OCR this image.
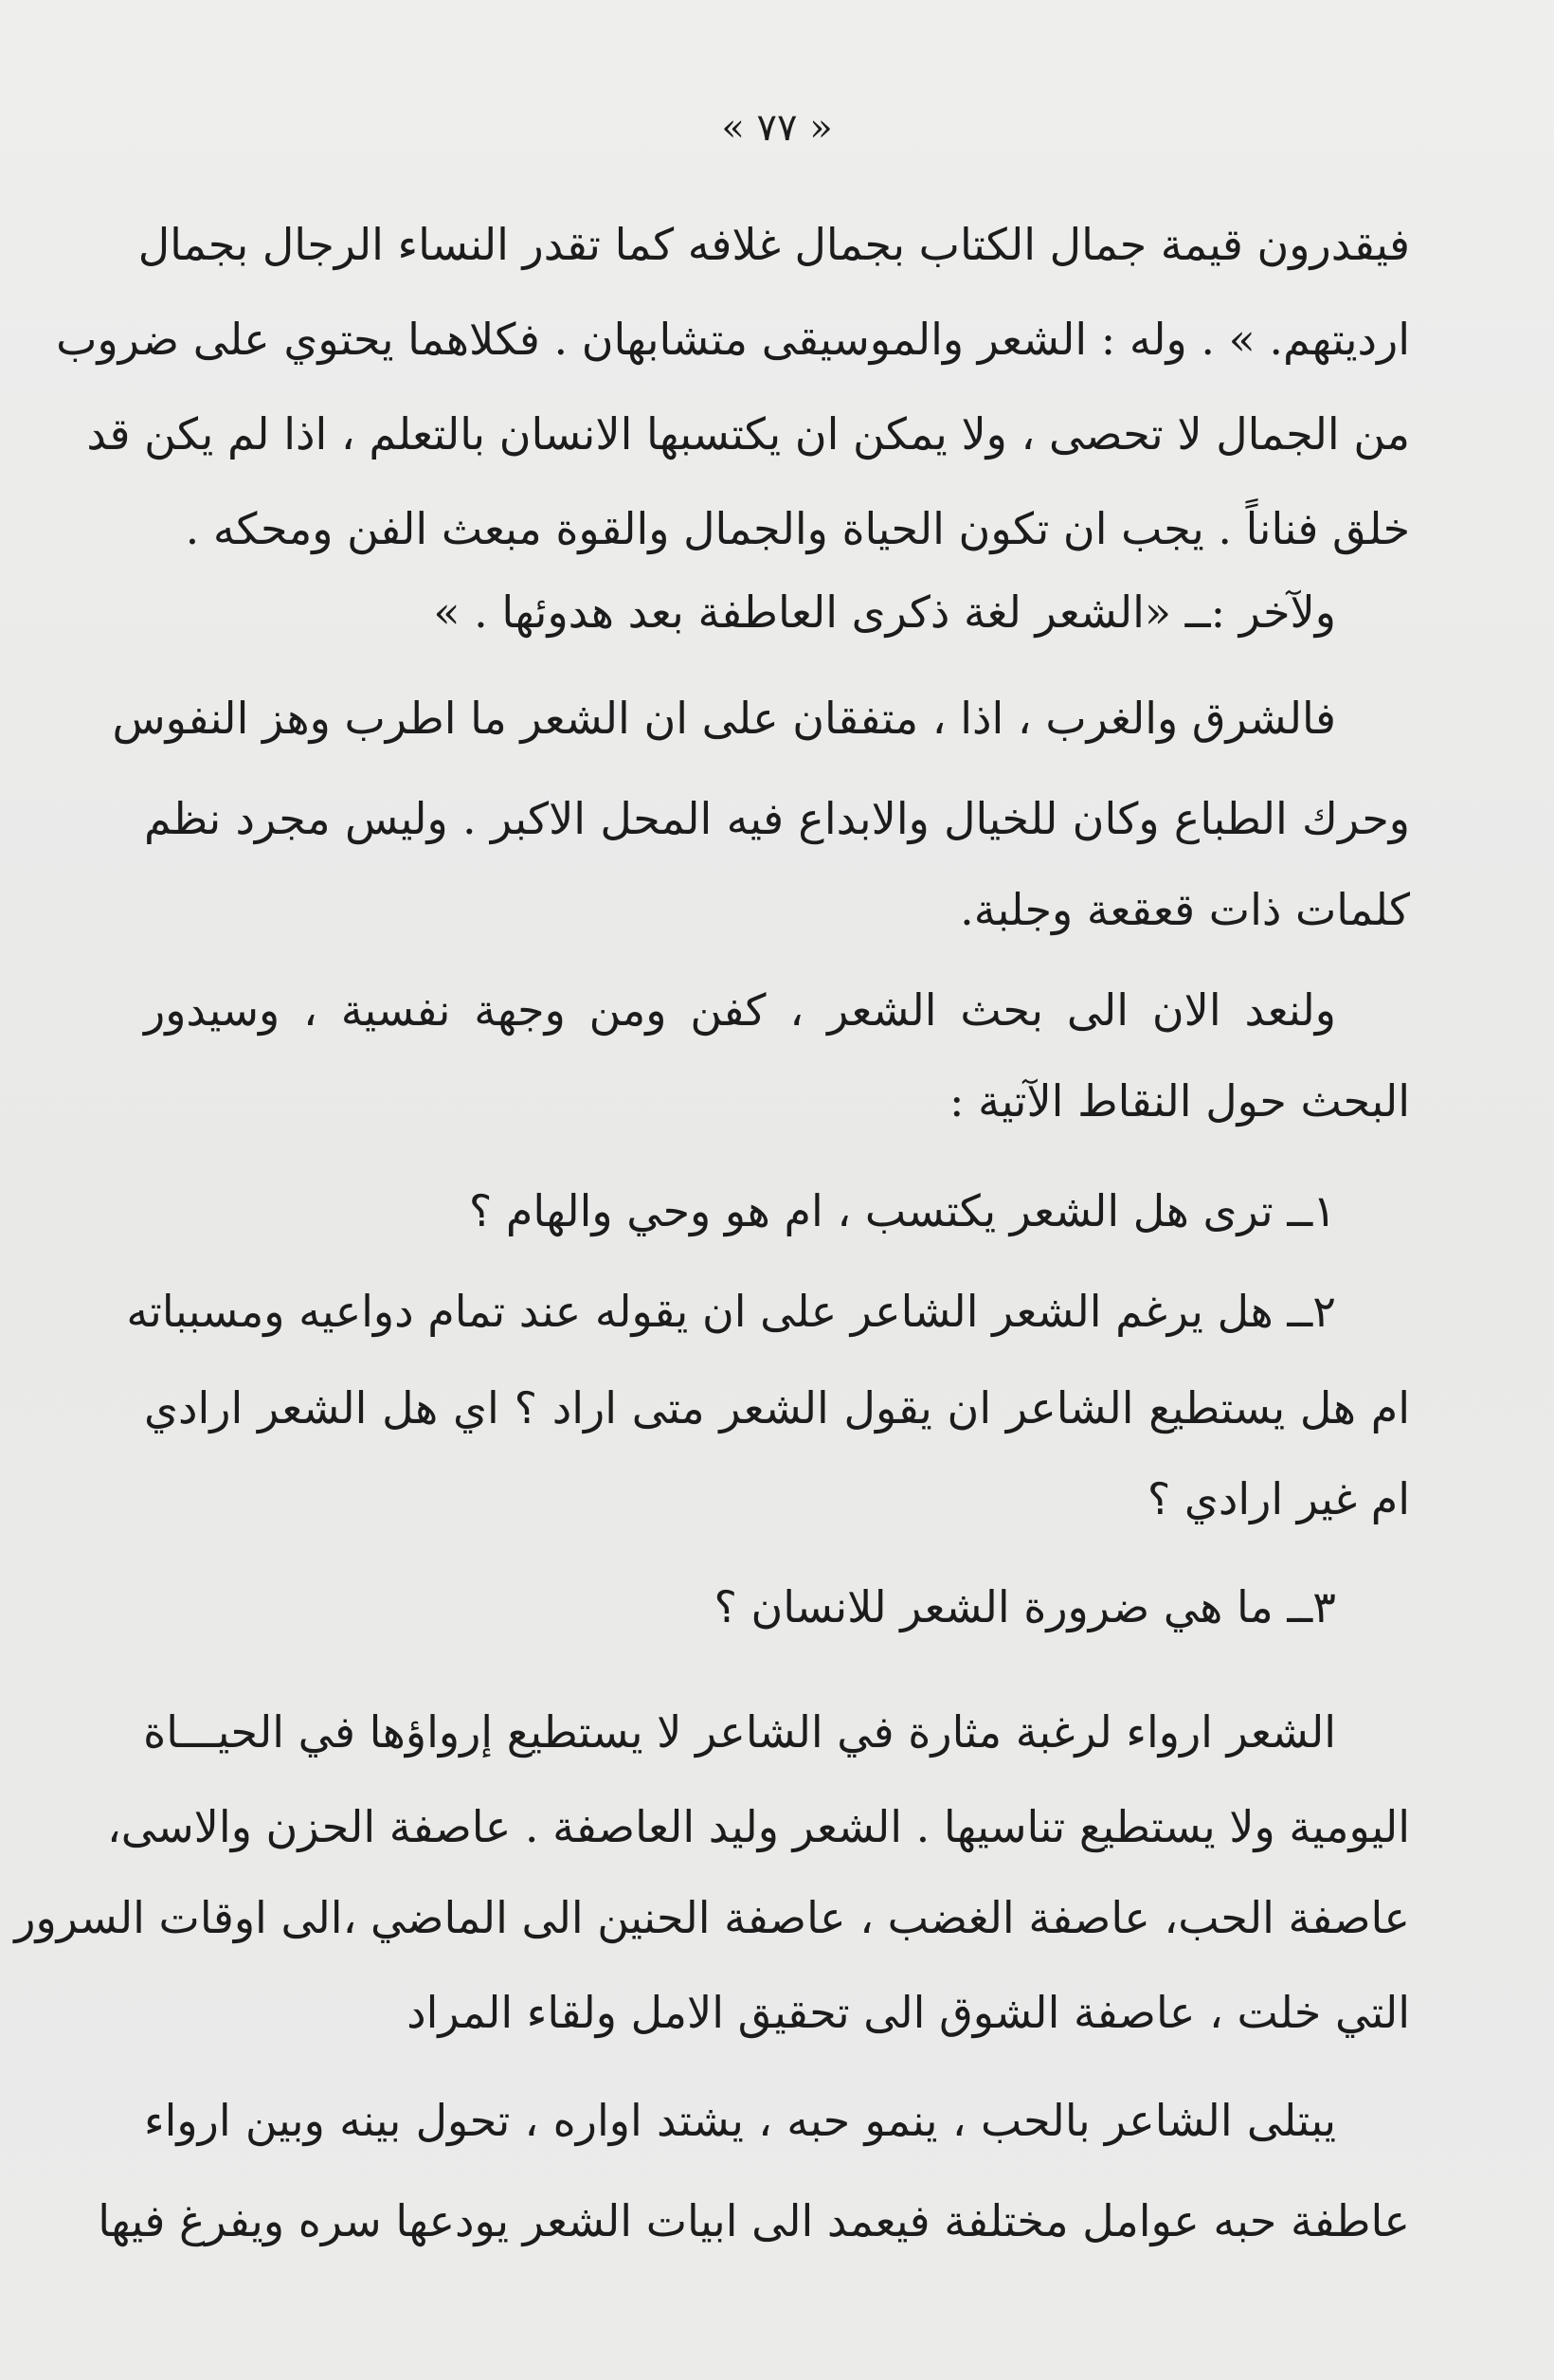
« ٧٧ »
فيقدرون قيمة جمال الكتاب بجمال غلافه كما تقدر النساء الرجال بجمال
ارديتهم. » . وله : الشعر والموسيقى متشابهان . فكلاهما يحتوي على ضروب
من الجمال لا تحصى ، ولا يمكن ان يكتسبها الانسان بالتعلم ، اذا لم يكن قد
خلق فناناً . يجب ان تكون الحياة والجمال والقوة مبعث الفن ومحكه .
ولآخر :ــ «الشعر لغة ذكرى العاطفة بعد هدوئها . »
فالشرق والغرب ، اذا ، متفقان على ان الشعر ما اطرب وهز النفوس
وحرك الطباع وكان للخيال والابداع فيه المحل الاكبر . وليس مجرد نظم
كلمات ذات قعقعة وجلبة.
ولنعد الان الى بحث الشعر ، كفن ومن وجهة نفسية ، وسيدور
البحث حول النقاط الآتية :
١ــ ترى هل الشعر يكتسب ، ام هو وحي والهام ؟
٢ــ هل يرغم الشعر الشاعر على ان يقوله عند تمام دواعيه ومسبباته
ام هل يستطيع الشاعر ان يقول الشعر متى اراد ؟ اي هل الشعر ارادي
ام غير ارادي ؟
٣ــ ما هي ضرورة الشعر للانسان ؟
الشعر ارواء لرغبة مثارة في الشاعر لا يستطيع إرواؤها في الحيـــاة
اليومية ولا يستطيع تناسيها . الشعر وليد العاصفة . عاصفة الحزن والاسى،
عاصفة الحب، عاصفة الغضب ، عاصفة الحنين الى الماضي ،الى اوقات السرور
التي خلت ، عاصفة الشوق الى تحقيق الامل ولقاء المراد
يبتلى الشاعر بالحب ، ينمو حبه ، يشتد اواره ، تحول بينه وبين ارواء
عاطفة حبه عوامل مختلفة فيعمد الى ابيات الشعر يودعها سره ويفرغ فيها
